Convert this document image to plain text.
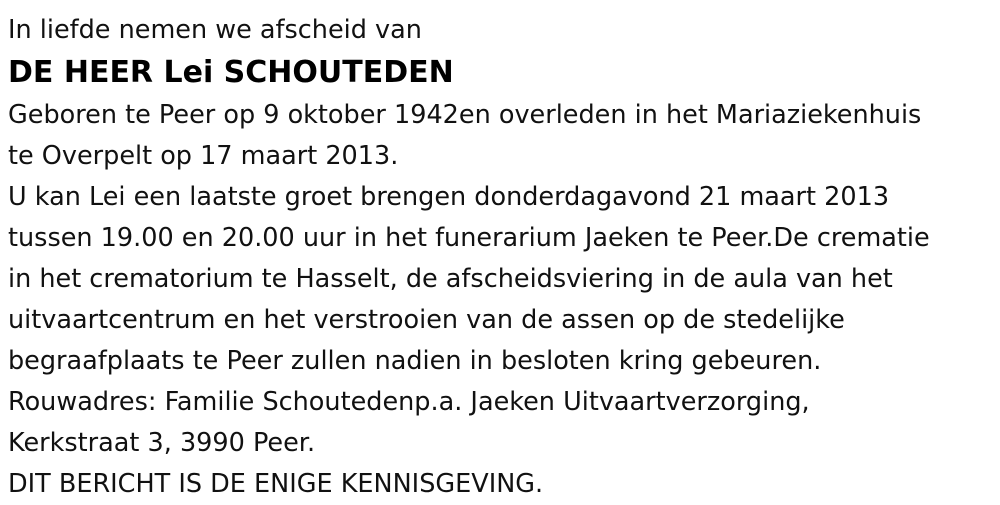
In liefde nemen we afscheid van
DE HEER Lei SCHOUTEDEN
Geboren te Peer op 9 oktober 1942en overleden in het Mariaziekenhuis
te Overpelt op 17 maart 2013.
U kan Lei een laatste groet brengen donderdagavond 21 maart 2013
tussen 19.00 en 20.00 uur in het funerarium Jaeken te Peer.De crematie
in het crematorium te Hasselt, de afscheidsviering in de aula van het
uitvaartcentrum en het verstrooien van de assen op de stedelijke
begraafplaats te Peer zullen nadien in besloten kring gebeuren.
Rouwadres: Familie Schoutedenp.a. Jaeken Uitvaartverzorging,
Kerkstraat 3, 3990 Peer.
DIT BERICHT IS DE ENIGE KENNISGEVING.
